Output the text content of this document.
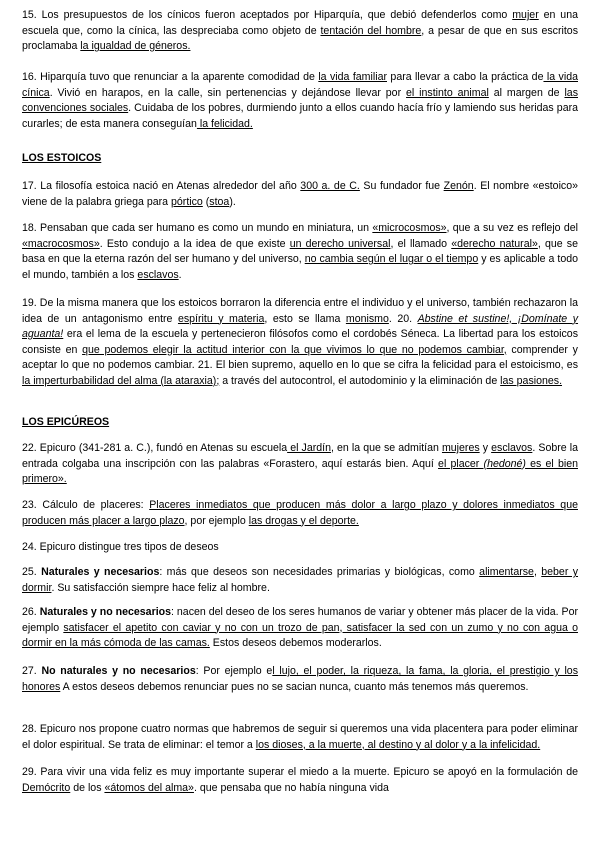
15. Los presupuestos de los cínicos fueron aceptados por Hiparquía, que debió defenderlos como mujer en una escuela que, como la cínica, las despreciaba como objeto de tentación del hombre, a pesar de que en sus escritos proclamaba la igualdad de géneros.

16. Hiparquía tuvo que renunciar a la aparente comodidad de la vida familiar para llevar a cabo la práctica de la vida cínica. Vivió en harapos, en la calle, sin pertenencias y dejándose llevar por el instinto animal al margen de las convenciones sociales. Cuidaba de los pobres, durmiendo junto a ellos cuando hacía frío y lamiendo sus heridas para curarles; de esta manera conseguían la felicidad.

LOS ESTOICOS

17. La filosofía estoica nació en Atenas alrededor del año 300 a. de C. Su fundador fue Zenón. El nombre «estoico» viene de la palabra griega para pórtico (stoa).

18. Pensaban que cada ser humano es como un mundo en miniatura, un «microcosmos», que a su vez es reflejo del «macrocosmos». Esto condujo a la idea de que existe un derecho universal, el llamado «derecho natural», que se basa en que la eterna razón del ser humano y del universo, no cambia según el lugar o el tiempo y es aplicable a todo el mundo, también a los esclavos.

19. De la misma manera que los estoicos borraron la diferencia entre el individuo y el universo, también rechazaron la idea de un antagonismo entre espíritu y materia, esto se llama monismo. 20. Abstine et sustine!, ¡Domínate y aguanta! era el lema de la escuela y pertenecieron filósofos como el cordobés Séneca. La libertad para los estoicos consiste en que podemos elegir la actitud interior con la que vivimos lo que no podemos cambiar, comprender y aceptar lo que no podemos cambiar. 21. El bien supremo, aquello en lo que se cifra la felicidad para el estoicismo, es la imperturbabilidad del alma (la ataraxia); a través del autocontrol, el autodominio y la eliminación de las pasiones.

LOS EPICÚREOS

22. Epicuro (341-281 a. C.), fundó en Atenas su escuela el Jardín, en la que se admitían mujeres y esclavos. Sobre la entrada colgaba una inscripción con las palabras «Forastero, aquí estarás bien. Aquí el placer (hedoné) es el bien primero».

23. Cálculo de placeres: Placeres inmediatos que producen más dolor a largo plazo y dolores inmediatos que producen más placer a largo plazo, por ejemplo las drogas y el deporte.

24. Epicuro distingue tres tipos de deseos

25. Naturales y necesarios: más que deseos son necesidades primarias y biológicas, como alimentarse, beber y dormir. Su satisfacción siempre hace feliz al hombre.

26. Naturales y no necesarios: nacen del deseo de los seres humanos de variar y obtener más placer de la vida. Por ejemplo satisfacer el apetito con caviar y no con un trozo de pan, satisfacer la sed con un zumo y no con agua o dormir en la más cómoda de las camas. Estos deseos debemos moderarlos.

27. No naturales y no necesarios: Por ejemplo el lujo, el poder, la riqueza, la fama, la gloria, el prestigio y los honores A estos deseos debemos renunciar pues no se sacian nunca, cuanto más tenemos más queremos.

28. Epicuro nos propone cuatro normas que habremos de seguir si queremos una vida placentera para poder eliminar el dolor espiritual. Se trata de eliminar: el temor a los dioses, a la muerte, al destino y al dolor y a la infelicidad.

29. Para vivir una vida feliz es muy importante superar el miedo a la muerte. Epicuro se apoyó en la formulación de Demócrito de los «átomos del alma». que pensaba que no había ninguna vida
